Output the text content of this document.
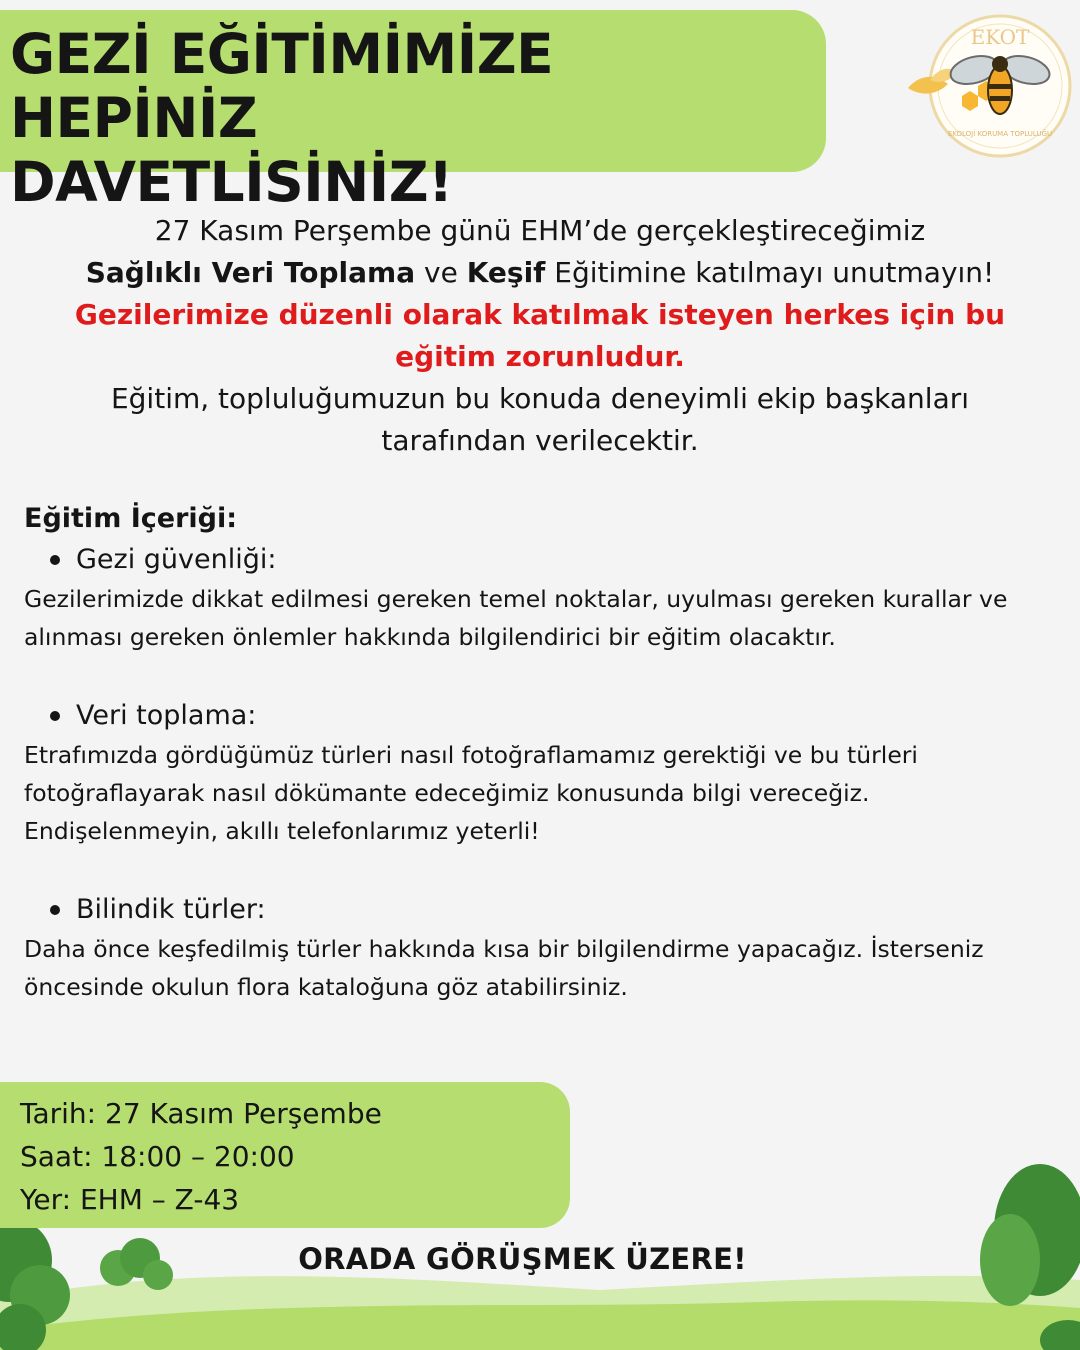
GEZİ EĞİTİMİMİZE HEPİNİZ
DAVETLİSİNİZ!
EKOT
EKOLOJİ KORUMA TOPLULUĞU

27 Kasım Perşembe günü EHM’de gerçekleştireceğimiz

Sağlıklı Veri Toplama ve Keşif Eğitimine katılmayı unutmayın!

Gezilerimize düzenli olarak katılmak isteyen herkes için bu eğitim zorunludur.

Eğitim, topluluğumuzun bu konuda deneyimli ekip başkanları tarafından verilecektir.

Eğitim İçeriği:
Gezi güvenliği:

Gezilerimizde dikkat edilmesi gereken temel noktalar, uyulması gereken kurallar ve alınması gereken önlemler hakkında bilgilendirici bir eğitim olacaktır.

Veri toplama:

Etrafımızda gördüğümüz türleri nasıl fotoğraflamamız gerektiği ve bu türleri fotoğraflayarak nasıl dökümante edeceğimiz konusunda bilgi vereceğiz. Endişelenmeyin, akıllı telefonlarımız yeterli!

Bilindik türler:

Daha önce keşfedilmiş türler hakkında kısa bir bilgilendirme yapacağız. İsterseniz öncesinde okulun flora kataloğuna göz atabilirsiniz.

Tarih: 27 Kasım Perşembe
Saat: 18:00 – 20:00
Yer: EHM – Z-43
ORADA GÖRÜŞMEK ÜZERE!
